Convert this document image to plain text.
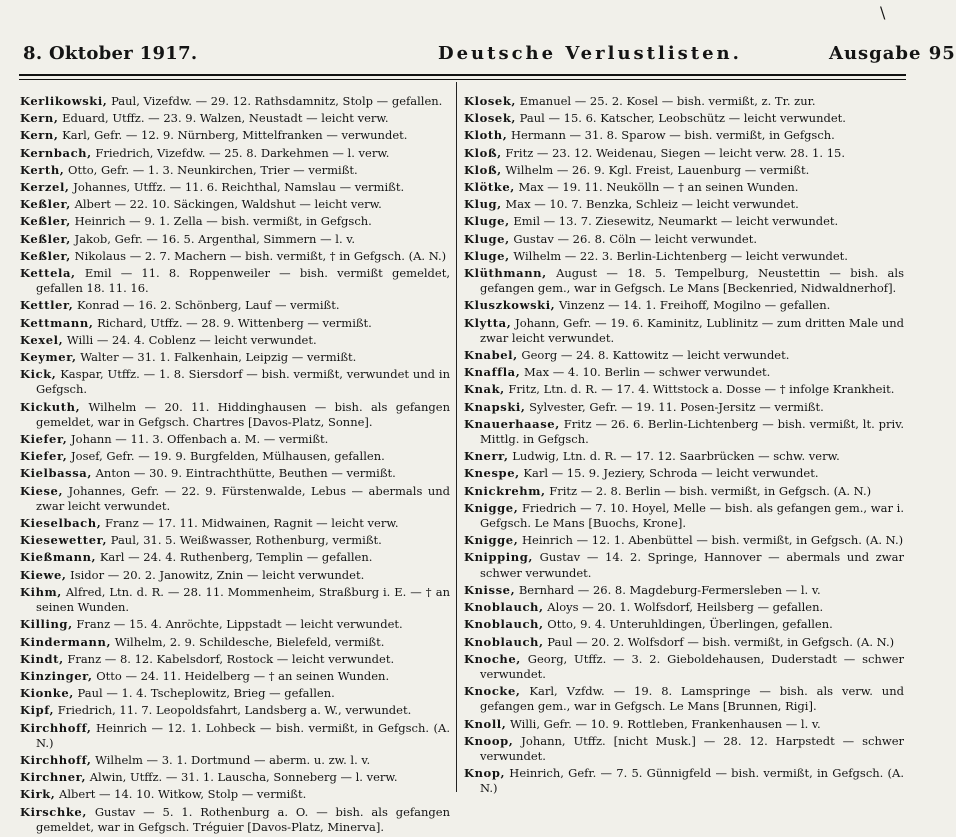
\
8. Oktober 1917.	Deutsche Verlustlisten.	Ausgabe 95

Kerlikowski, Paul, Vizefdw. — 29. 12. Rathsdamnitz, Stolp — gefallen.

Kern, Eduard, Utffz. — 23. 9. Walzen, Neustadt — leicht verw.

Kern, Karl, Gefr. — 12. 9. Nürnberg, Mittelfranken — verwundet.

Kernbach, Friedrich, Vizefdw. — 25. 8. Darkehmen — l. verw.

Kerth, Otto, Gefr. — 1. 3. Neunkirchen, Trier — vermißt.

Kerzel, Johannes, Utffz. — 11. 6. Reichthal, Namslau — vermißt.

Keßler, Albert — 22. 10. Säckingen, Waldshut — leicht verw.

Keßler, Heinrich — 9. 1. Zella — bish. vermißt, in Gefgsch.

Keßler, Jakob, Gefr. — 16. 5. Argenthal, Simmern — l. v.

Keßler, Nikolaus — 2. 7. Machern — bish. vermißt, † in Gefgsch. (A. N.)

Kettela, Emil — 11. 8. Roppenweiler — bish. vermißt gemeldet, gefallen 18. 11. 16.

Kettler, Konrad — 16. 2. Schönberg, Lauf — vermißt.

Kettmann, Richard, Utffz. — 28. 9. Wittenberg — vermißt.

Kexel, Willi — 24. 4. Coblenz — leicht verwundet.

Keymer, Walter — 31. 1. Falkenhain, Leipzig — vermißt.

Kick, Kaspar, Utffz. — 1. 8. Siersdorf — bish. vermißt, verwundet und in Gefgsch.

Kickuth, Wilhelm — 20. 11. Hiddinghausen — bish. als gefangen gemeldet, war in Gefgsch. Chartres [Davos-Platz, Sonne].

Kiefer, Johann — 11. 3. Offenbach a. M. — vermißt.

Kiefer, Josef, Gefr. — 19. 9. Burgfelden, Mülhausen, gefallen.

Kielbassa, Anton — 30. 9. Eintrachthütte, Beuthen — vermißt.

Kiese, Johannes, Gefr. — 22. 9. Fürstenwalde, Lebus — abermals und zwar leicht verwundet.

Kieselbach, Franz — 17. 11. Midwainen, Ragnit — leicht verw.

Kiesewetter, Paul, 31. 5. Weißwasser, Rothenburg, vermißt.

Kießmann, Karl — 24. 4. Ruthenberg, Templin — gefallen.

Kiewe, Isidor — 20. 2. Janowitz, Znin — leicht verwundet.

Kihm, Alfred, Ltn. d. R. — 28. 11. Mommenheim, Straßburg i. E. — † an seinen Wunden.

Killing, Franz — 15. 4. Anröchte, Lippstadt — leicht verwundet.

Kindermann, Wilhelm, 2. 9. Schildesche, Bielefeld, vermißt.

Kindt, Franz — 8. 12. Kabelsdorf, Rostock — leicht verwundet.

Kinzinger, Otto — 24. 11. Heidelberg — † an seinen Wunden.

Kionke, Paul — 1. 4. Tscheplowitz, Brieg — gefallen.

Kipf, Friedrich, 11. 7. Leopoldsfahrt, Landsberg a. W., verwundet.

Kirchhoff, Heinrich — 12. 1. Lohbeck — bish. vermißt, in Gefgsch. (A. N.)

Kirchhoff, Wilhelm — 3. 1. Dortmund — aberm. u. zw. l. v.

Kirchner, Alwin, Utffz. — 31. 1. Lauscha, Sonneberg — l. verw.

Kirk, Albert — 14. 10. Witkow, Stolp — vermißt.

Kirschke, Gustav — 5. 1. Rothenburg a. O. — bish. als gefangen gemeldet, war in Gefgsch. Tréguier [Davos-Platz, Minerva].

Klosek, Emanuel — 25. 2. Kosel — bish. vermißt, z. Tr. zur.

Klosek, Paul — 15. 6. Katscher, Leobschütz — leicht verwundet.

Kloth, Hermann — 31. 8. Sparow — bish. vermißt, in Gefgsch.

Kloß, Fritz — 23. 12. Weidenau, Siegen — leicht verw. 28. 1. 15.

Kloß, Wilhelm — 26. 9. Kgl. Freist, Lauenburg — vermißt.

Klötke, Max — 19. 11. Neukölln — † an seinen Wunden.

Klug, Max — 10. 7. Benzka, Schleiz — leicht verwundet.

Kluge, Emil — 13. 7. Ziesewitz, Neumarkt — leicht verwundet.

Kluge, Gustav — 26. 8. Cöln — leicht verwundet.

Kluge, Wilhelm — 22. 3. Berlin-Lichtenberg — leicht verwundet.

Klüthmann, August — 18. 5. Tempelburg, Neustettin — bish. als gefangen gem., war in Gefgsch. Le Mans [Beckenried, Nidwaldnerhof].

Kluszkowski, Vinzenz — 14. 1. Freihoff, Mogilno — gefallen.

Klytta, Johann, Gefr. — 19. 6. Kaminitz, Lublinitz — zum dritten Male und zwar leicht verwundet.

Knabel, Georg — 24. 8. Kattowitz — leicht verwundet.

Knaffla, Max — 4. 10. Berlin — schwer verwundet.

Knak, Fritz, Ltn. d. R. — 17. 4. Wittstock a. Dosse — † infolge Krankheit.

Knapski, Sylvester, Gefr. — 19. 11. Posen-Jersitz — vermißt.

Knauerhaase, Fritz — 26. 6. Berlin-Lichtenberg — bish. vermißt, lt. priv. Mittlg. in Gefgsch.

Knerr, Ludwig, Ltn. d. R. — 17. 12. Saarbrücken — schw. verw.

Knespe, Karl — 15. 9. Jeziery, Schroda — leicht verwundet.

Knickrehm, Fritz — 2. 8. Berlin — bish. vermißt, in Gefgsch. (A. N.)

Knigge, Friedrich — 7. 10. Hoyel, Melle — bish. als gefangen gem., war i. Gefgsch. Le Mans [Buochs, Krone].

Knigge, Heinrich — 12. 1. Abenbüttel — bish. vermißt, in Gefgsch. (A. N.)

Knipping, Gustav — 14. 2. Springe, Hannover — abermals und zwar schwer verwundet.

Knisse, Bernhard — 26. 8. Magdeburg-Fermersleben — l. v.

Knoblauch, Aloys — 20. 1. Wolfsdorf, Heilsberg — gefallen.

Knoblauch, Otto, 9. 4. Unteruhldingen, Überlingen, gefallen.

Knoblauch, Paul — 20. 2. Wolfsdorf — bish. vermißt, in Gefgsch. (A. N.)

Knoche, Georg, Utffz. — 3. 2. Gieboldehausen, Duderstadt — schwer verwundet.

Knocke, Karl, Vzfdw. — 19. 8. Lamspringe — bish. als verw. und gefangen gem., war in Gefgsch. Le Mans [Brunnen, Rigi].

Knoll, Willi, Gefr. — 10. 9. Rottleben, Frankenhausen — l. v.

Knoop, Johann, Utffz. [nicht Musk.] — 28. 12. Harpstedt — schwer verwundet.

Knop, Heinrich, Gefr. — 7. 5. Günnigfeld — bish. vermißt, in Gefgsch. (A. N.)
